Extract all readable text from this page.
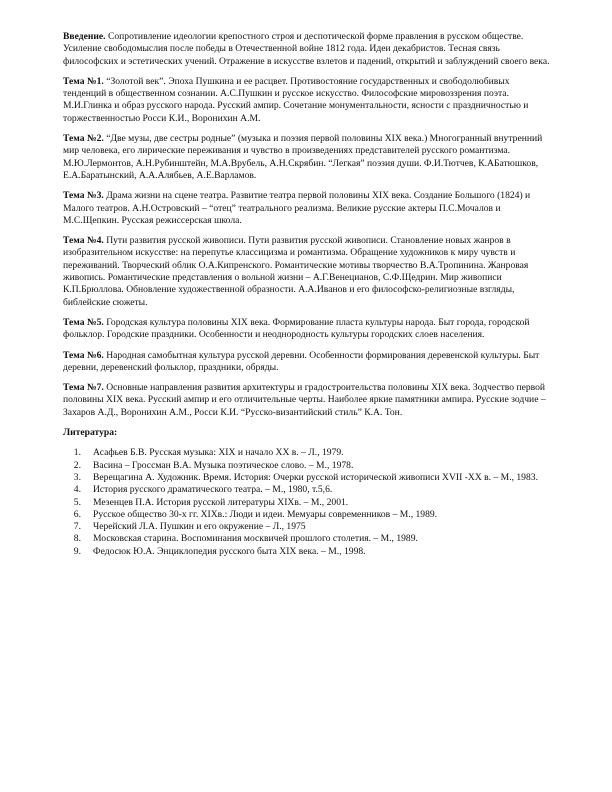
Введение. Сопротивление идеологии крепостного строя и деспотической форме правления в русском обществе. Усиление свободомыслия после победы в Отечественной войне 1812 года. Идеи декабристов. Тесная связь философских и эстетических учений. Отражение в искусстве взлетов и падений, открытий и заблуждений своего века.

Тема №1. “Золотой век”. Эпоха Пушкина и ее расцвет. Противостояние государственных и свободолюбивых тенденций в общественном сознании. А.С.Пушкин и русское искусство. Философские мировоззрения поэта. М.И.Глинка и образ русского народа. Русский ампир. Сочетание монументальности, ясности с праздничностью и торжественностью Росси К.И., Воронихин А.М.

Тема №2. “Две музы, две сестры родные” (музыка и поэзия первой половины XIX века.) Многогранный внутренний мир человека, его лирические переживания и чувство в произведениях представителей русского романтизма. М.Ю.Лермонтов, А.Н.Рубинштейн, М.А.Врубель, А.Н.Скрябин. “Легкая” поэзия души. Ф.И.Тютчев, К.АБатюшков, Е.А.Баратынский, А.А.Алябьев, А.Е.Варламов.

Тема №3. Драма жизни на сцене театра. Развитие театра первой половины XIX века. Создание Большого (1824) и Малого театров. А.Н.Островский – “отец” театрального реализма. Великие русские актеры П.С.Мочалов и М.С.Щепкин. Русская режиссерская школа.

Тема №4. Пути развития русской живописи. Пути развития русской живописи. Становление новых жанров в изобразительном искусстве: на перепутье классицизма и романтизма. Обращение художников к миру чувств и переживаний. Творческий облик О.А.Кипренского. Романтические мотивы творчество В.А.Тропинина. Жанровая живопись. Романтические представления о вольной жизни – А.Г.Венецианов, С.Ф.Щедрин. Мир живописи К.П.Брюллова. Обновление художественной образности. А.А.Иванов и его философско-религиозные взгляды, библейские сюжеты.

Тема №5. Городская культура половины XIX века. Формирование пласта культуры народа. Быт города, городской фольклор. Городские праздники. Особенности и неоднородность культуры городских слоев населения.

Тема №6. Народная самобытная культура русской деревни. Особенности формирования деревенской культуры. Быт деревни, деревенский фольклор, праздники, обряды.

Тема №7. Основные направления развития архитектуры и градостроительства половины XIX века. Зодчество первой половины XIX века. Русский ампир и его отличительные черты. Наиболее яркие памятники ампира. Русские зодчие – Захаров А.Д., Воронихин А.М., Росси К.И. “Русско-византийский стиль” К.А. Тон.

Литература:
1.	Асафьев Б.В. Русская музыка: XIX и начало XX в. – Л., 1979.
2.	Васина – Гроссман В.А. Музыка поэтическое слово. – М., 1978.
3.	Верещагина А. Художник. Время. История: Очерки русской исторической живописи XVII -XX в. – М., 1983.
4.	История русского драматического театра. – М., 1980, т.5,6.
5.	Мезенцев П.А. История русской литературы XIXв. – М., 2001.
6.	Русское общество 30-х гг. XIXв.: Люди и идеи. Мемуары современников – М., 1989.
7.	Черейский Л.А. Пушкин и его окружение – Л., 1975
8.	Московская старина. Воспоминания москвичей прошлого столетия. – М., 1989.
9.	Федосюк Ю.А. Энциклопедия русского быта XIX века. – М., 1998.
